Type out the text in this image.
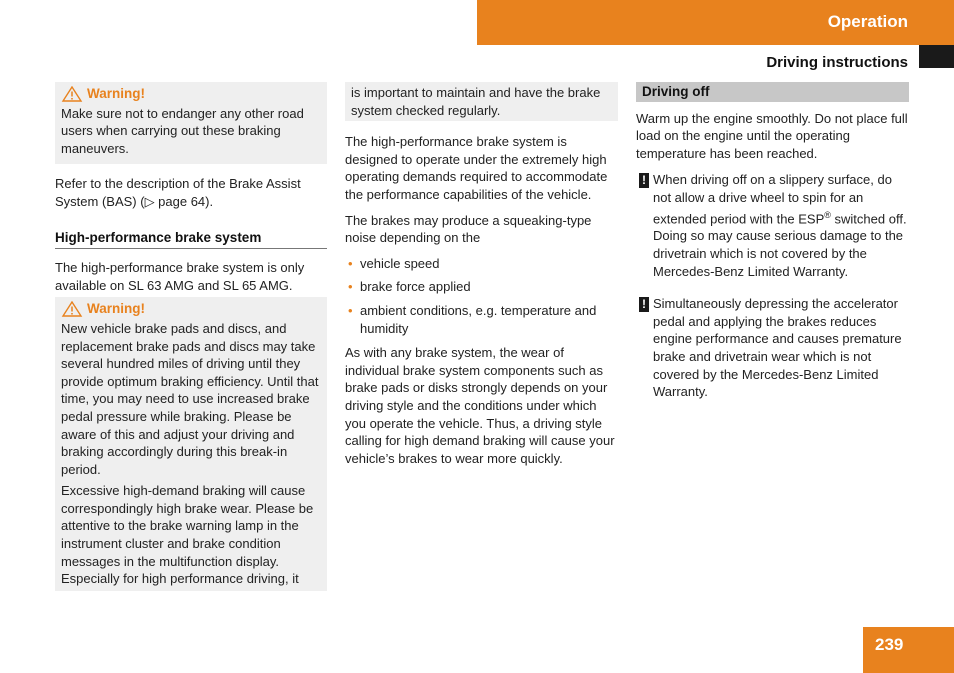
Operation
Driving instructions
Warning!

Make sure not to endanger any other road users when carrying out these braking maneuvers.

Refer to the description of the Brake Assist System (BAS) (▷ page 64).

High-performance brake system

The high-performance brake system is only available on SL 63 AMG and SL 65 AMG.

Warning!

New vehicle brake pads and discs, and replacement brake pads and discs may take several hundred miles of driving until they provide optimum braking efficiency. Until that time, you may need to use increased brake pedal pressure while braking. Please be aware of this and adjust your driving and braking accordingly during this break-in period.

Excessive high-demand braking will cause correspondingly high brake wear. Please be attentive to the brake warning lamp in the instrument cluster and brake condition messages in the multifunction display. Especially for high performance driving, it

is important to maintain and have the brake system checked regularly.

The high-performance brake system is designed to operate under the extremely high operating demands required to accommodate the performance capabilities of the vehicle.

The brakes may produce a squeaking-type noise depending on the

• vehicle speed
• brake force applied
• ambient conditions, e.g. temperature and humidity

As with any brake system, the wear of individual brake system components such as brake pads or disks strongly depends on your driving style and the conditions under which you operate the vehicle. Thus, a driving style calling for high demand braking will cause your vehicle’s brakes to wear more quickly.

Driving off

Warm up the engine smoothly. Do not place full load on the engine until the operating temperature has been reached.

! When driving off on a slippery surface, do not allow a drive wheel to spin for an extended period with the ESP® switched off. Doing so may cause serious damage to the drivetrain which is not covered by the Mercedes-Benz Limited Warranty.
! Simultaneously depressing the accelerator pedal and applying the brakes reduces engine performance and causes premature brake and drivetrain wear which is not covered by the Mercedes-Benz Limited Warranty.
239
